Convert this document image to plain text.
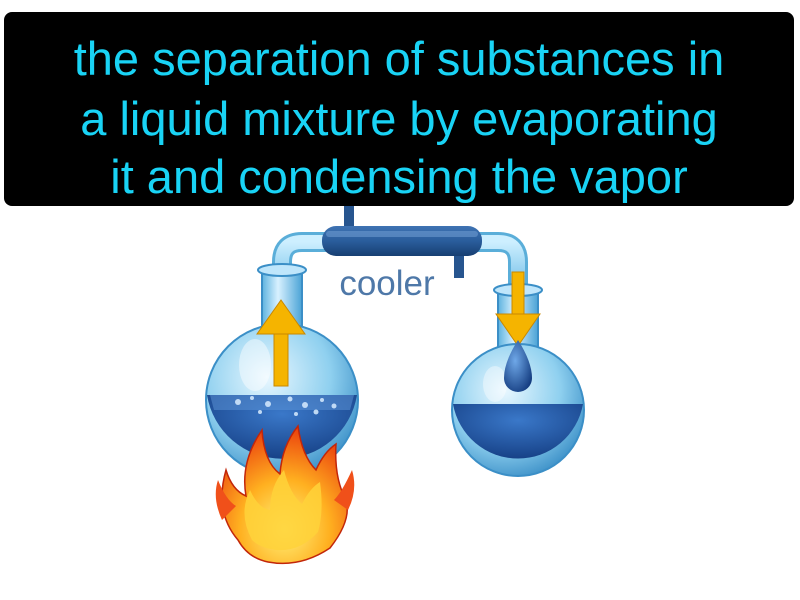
the separation of substances in
a liquid mixture by evaporating
it and condensing the vapor
cooler
